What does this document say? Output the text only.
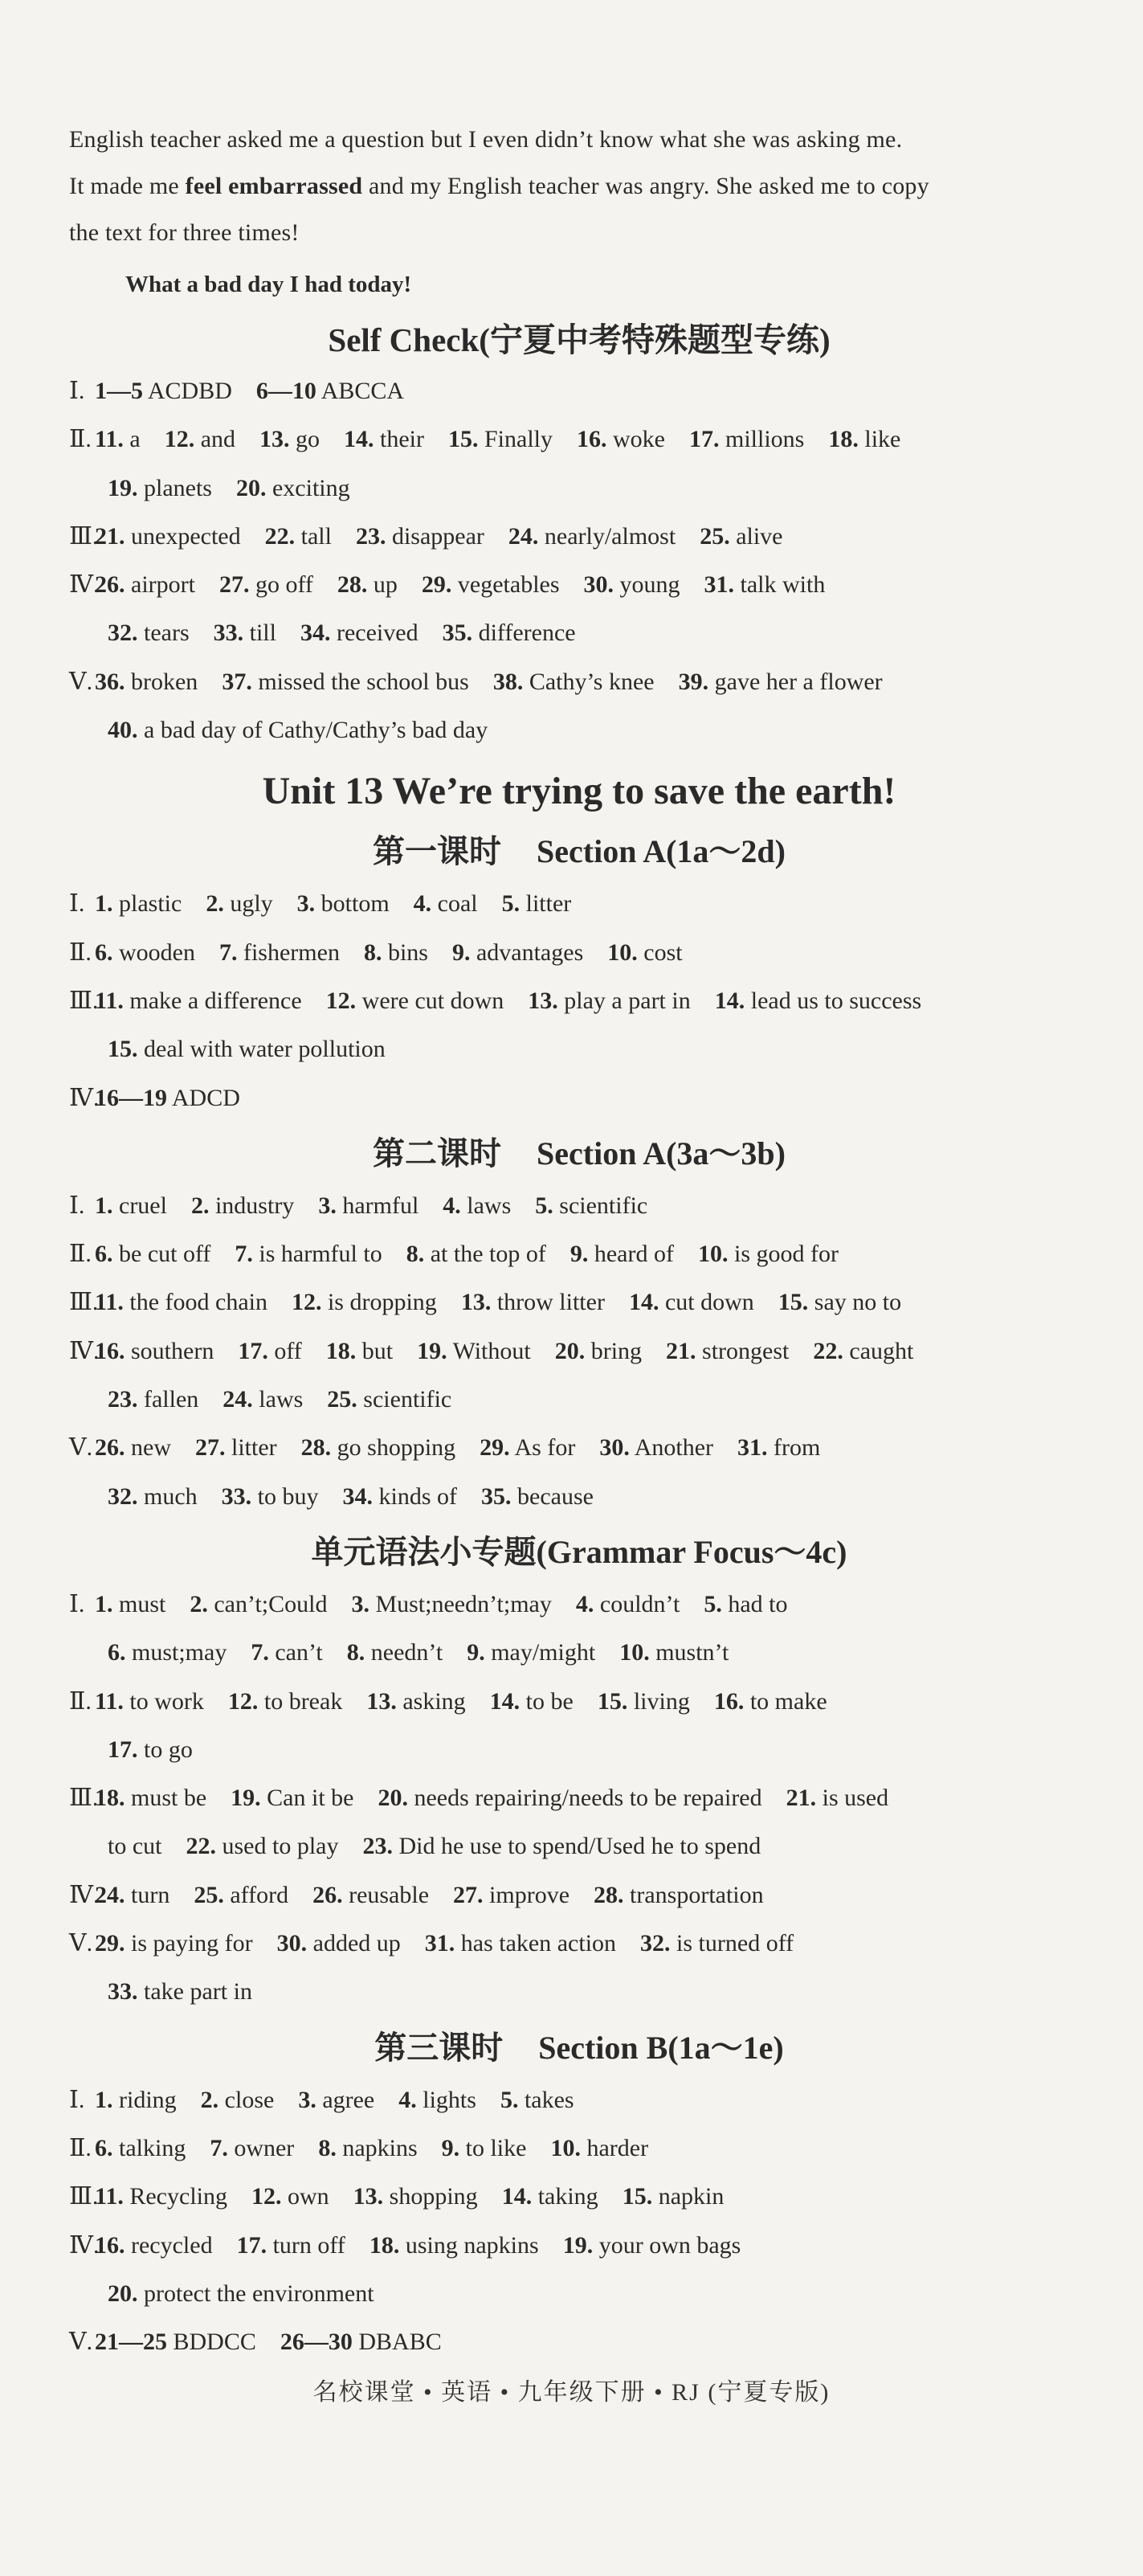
English teacher asked me a question but I even didn’t know what she was asking me.

It made me feel embarrassed and my English teacher was angry. She asked me to copy

the text for three times!

What a bad day I had today!

Self Check(宁夏中考特殊题型专练)
Ⅰ. 1—5 ACDBD 6—10 ABCCA
Ⅱ. 11. a 12. and 13. go 14. their 15. Finally 16. woke 17. millions 18. like
19. planets 20. exciting
Ⅲ.21. unexpected 22. tall 23. disappear 24. nearly/almost 25. alive
Ⅳ.26. airport 27. go off 28. up 29. vegetables 30. young 31. talk with
32. tears 33. till 34. received 35. difference
Ⅴ.36. broken 37. missed the school bus 38. Cathy’s knee 39. gave her a flower
40. a bad day of Cathy/Cathy’s bad day
Unit 13 We’re trying to save the earth!
第一课时 Section A(1a～2d)
Ⅰ. 1. plastic 2. ugly 3. bottom 4. coal 5. litter
Ⅱ. 6. wooden 7. fishermen 8. bins 9. advantages 10. cost
Ⅲ.11. make a difference 12. were cut down 13. play a part in 14. lead us to success
15. deal with water pollution
Ⅳ.16—19 ADCD
第二课时 Section A(3a～3b)
Ⅰ. 1. cruel 2. industry 3. harmful 4. laws 5. scientific
Ⅱ. 6. be cut off 7. is harmful to 8. at the top of 9. heard of 10. is good for
Ⅲ.11. the food chain 12. is dropping 13. throw litter 14. cut down 15. say no to
Ⅳ.16. southern 17. off 18. but 19. Without 20. bring 21. strongest 22. caught
23. fallen 24. laws 25. scientific
Ⅴ.26. new 27. litter 28. go shopping 29. As for 30. Another 31. from
32. much 33. to buy 34. kinds of 35. because
单元语法小专题(Grammar Focus～4c)
Ⅰ. 1. must 2. can’t;Could 3. Must;needn’t;may 4. couldn’t 5. had to
6. must;may 7. can’t 8. needn’t 9. may/might 10. mustn’t
Ⅱ. 11. to work 12. to break 13. asking 14. to be 15. living 16. to make
17. to go
Ⅲ.18. must be 19. Can it be 20. needs repairing/needs to be repaired 21. is used
to cut 22. used to play 23. Did he use to spend/Used he to spend
Ⅳ.24. turn 25. afford 26. reusable 27. improve 28. transportation
Ⅴ.29. is paying for 30. added up 31. has taken action 32. is turned off
33. take part in
第三课时 Section B(1a～1e)
Ⅰ. 1. riding 2. close 3. agree 4. lights 5. takes
Ⅱ. 6. talking 7. owner 8. napkins 9. to like 10. harder
Ⅲ.11. Recycling 12. own 13. shopping 14. taking 15. napkin
Ⅳ.16. recycled 17. turn off 18. using napkins 19. your own bags
20. protect the environment
Ⅴ.21—25 BDDCC 26—30 DBABC
名校课堂 • 英语 • 九年级下册 • RJ (宁夏专版)
